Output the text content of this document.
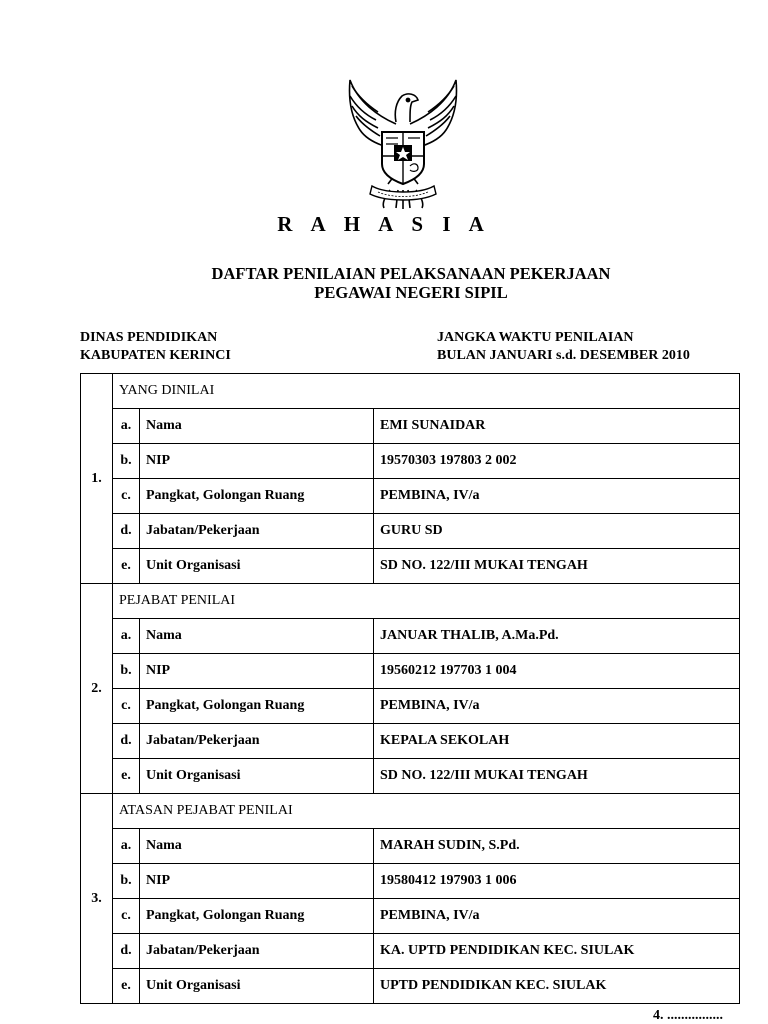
R A H A S I A
DAFTAR PENILAIAN PELAKSANAAN PEKERJAAN
PEGAWAI NEGERI SIPIL
DINAS PENDIDIKAN
KABUPATEN KERINCI
JANGKA WAKTU PENILAIAN
BULAN JANUARI s.d. DESEMBER 2010
1.	YANG DINILAI		
	a.	Nama	EMI SUNAIDAR
	b.	NIP	19570303 197803 2 002
	c.	Pangkat, Golongan Ruang	PEMBINA, IV/a
	d.	Jabatan/Pekerjaan	GURU SD
	e.	Unit Organisasi	SD NO. 122/III MUKAI TENGAH
2.	PEJABAT PENILAI		
	a.	Nama	JANUAR THALIB, A.Ma.Pd.
	b.	NIP	19560212 197703 1 004
	c.	Pangkat, Golongan Ruang	PEMBINA, IV/a
	d.	Jabatan/Pekerjaan	KEPALA SEKOLAH
	e.	Unit Organisasi	SD NO. 122/III MUKAI TENGAH
3.	ATASAN PEJABAT PENILAI		
	a.	Nama	MARAH SUDIN, S.Pd.
	b.	NIP	19580412 197903 1 006
	c.	Pangkat, Golongan Ruang	PEMBINA, IV/a
	d.	Jabatan/Pekerjaan	KA. UPTD PENDIDIKAN KEC. SIULAK
	e.	Unit Organisasi	UPTD PENDIDIKAN KEC. SIULAK
4. ................
